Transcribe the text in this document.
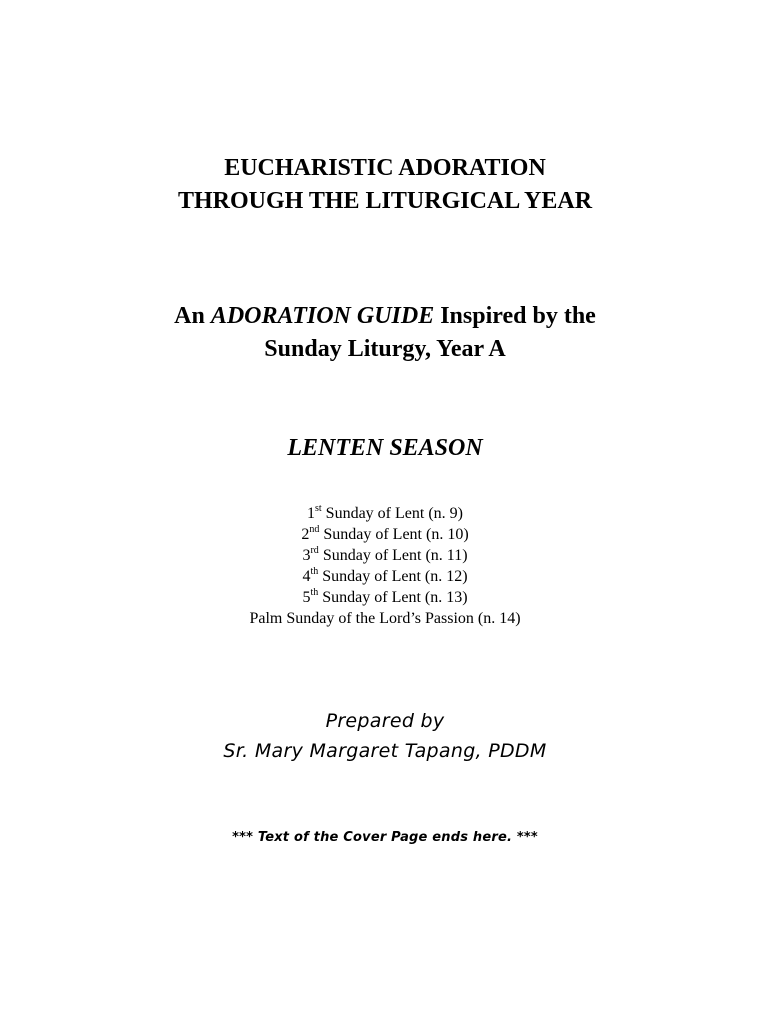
EUCHARISTIC ADORATION
THROUGH THE LITURGICAL YEAR
An ADORATION GUIDE Inspired by the
Sunday Liturgy, Year A
LENTEN SEASON
1st Sunday of Lent (n. 9)
2nd Sunday of Lent (n. 10)
3rd Sunday of Lent (n. 11)
4th Sunday of Lent (n. 12)
5th Sunday of Lent (n. 13)
Palm Sunday of the Lord’s Passion (n. 14)
Prepared by
Sr. Mary Margaret Tapang, PDDM
*** Text of the Cover Page ends here. ***
